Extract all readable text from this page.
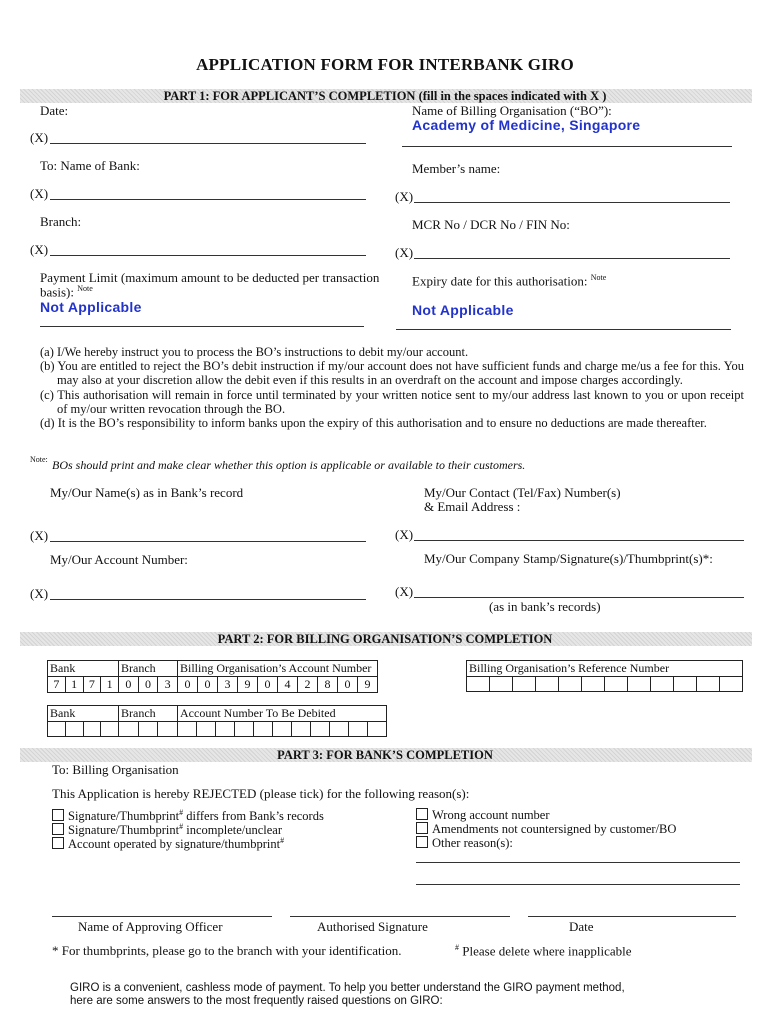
APPLICATION FORM FOR INTERBANK GIRO
PART 1: FOR APPLICANT’S COMPLETION (fill in the spaces indicated with X )
Date:	Name of Billing Organisation (“BO”):
Academy of Medicine, Singapore
(X)
To: Name of Bank:	Member’s name:
(X)	(X)
Branch:	MCR No / DCR No / FIN No:
(X)	(X)
Payment Limit (maximum amount to be deducted per transaction
basis): $^{Note}$
Not Applicable
Expiry date for this authorisation: $^{Note}$
Not Applicable

(a) I/We hereby instruct you to process the BO’s instructions to debit my/our account.

(b) You are entitled to reject the BO’s debit instruction if my/our account does not have sufficient funds and charge me/us a fee for this. You may also at your discretion allow the debit even if this results in an overdraft on the account and impose charges accordingly.

(c) This authorisation will remain in force until terminated by your written notice sent to my/our address last known to you or upon receipt of my/our written revocation through the BO.

(d) It is the BO’s responsibility to inform banks upon the expiry of this authorisation and to ensure no deductions are made thereafter.

Note: BOs should print and make clear whether this option is applicable or available to their customers.
My/Our Name(s) as in Bank’s record	My/Our Contact (Tel/Fax) Number(s)
& Email Address :
(X)	(X)
My/Our Account Number:	My/Our Company Stamp/Signature(s)/Thumbprint(s)*:
(X)	(X)
(as in bank’s records)
PART 2: FOR BILLING ORGANISATION’S COMPLETION
Bank				Branch			Billing Organisation’s Account Number									
7	1	7	1	0	0	3	0	0	3	9	0	4	2	8	0	9
Billing Organisation’s Reference Number

Bank				Branch			Account Number To Be Debited										

PART 3: FOR BANK’S COMPLETION
To: Billing Organisation
This Application is hereby REJECTED (please tick) for the following reason(s):
Signature/Thumbprint# differs from Bank’s records
Signature/Thumbprint# incomplete/unclear
Account operated by signature/thumbprint#
Wrong account number
Amendments not countersigned by customer/BO
Other reason(s):
Name of Approving Officer	Authorised Signature	Date
* For thumbprints, please go to the branch with your identification.	# Please delete where inapplicable
GIRO is a convenient, cashless mode of payment. To help you better understand the GIRO payment method,
here are some answers to the most frequently raised questions on GIRO:
